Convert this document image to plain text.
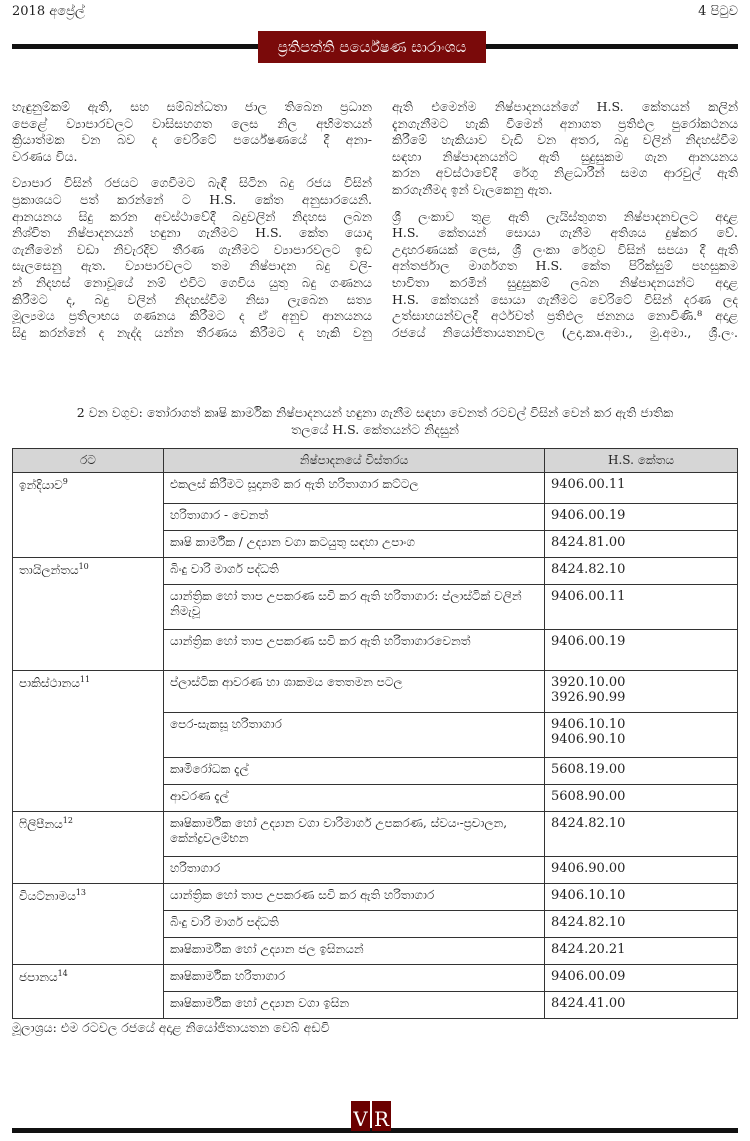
2018 අප්‍රේල්	4 පිටුව
ප්‍රතිපත්ති පර්යේෂණ සාරාංශය
හැඳුනුම්කම් ඇති, සහ සම්බන්ධතා ජාල තිබෙන ප්‍රධාන
පෙළේ ව්‍යාපාරවලට වාසිසහගත ලෙස නිල අභිමතයන්
ක්‍රියාත්මක වන බව ද වෙරිටේ පර්යේෂණයේ දී අනා-
වරණය විය.
ව්‍යාපාර විසින් රජයට ගෙවීමට බැඳී සිටින බදු රජය විසින්
ප්‍රකාශයට පත් කරන්නේ ට H.S. කේත අනුසාරයෙනි.
ආනයනය සිදු කරන අවස්ථාවේදී බදුවලින් නිදහස ලබන
නිශ්චිත නිෂ්පාදනයන් හඳුනා ගැනීමට H.S. කේත යොදා
ගැනීමෙන් වඩා නිවැරදිව තීරණ ගැනීමට ව්‍යාපාරවලට ඉඩ
සැලසෙනු ඇත. ව්‍යාපාරවලට තම නිෂ්පාදන බදු වලි-
න් නිදහස් නොවූයේ නම් එවිට ගෙවිය යුතු බදු ගණනය
කිරීමට ද, බදු වලින් නිදහස්වීම නිසා ලැබෙන සත්‍ය
මූල්‍යමය ප්‍රතිලාභය ගණනය කිරීමට ද ඒ අනුව ආනයනය
සිදු කරන්නේ ද නැද්ද යන්න තීරණය කිරීමට ද හැකි වනු
ඇති එමෙන්ම නිෂ්පාදනයන්ගේ H.S. කේතයන් කලින්
දැනගැනීමට හැකි වීමෙන් අනාගත ප්‍රතිඵල පුරෝකථනය
කිරීමේ හැකියාව වැඩි වන අතර, බදු වලින් නිදහස්වීම
සඳහා නිෂ්පාදනයන්ට ඇති සුදුසුකම ගැන ආනයනය
කරන අවස්ථාවේදී රේගු නිළධාරීන් සමග ආරවුල් ඇති
කරගැනීමද ඉන් වැලකෙනු ඇත.
ශ්‍රී ලංකාව තුළ ඇති ලැයිස්තුගත නිෂ්පාදනවලට අදාළ
H.S. කේතයන් සොයා ගැනීම අතිශය දුෂ්කර වේ.
උදාහරණයක් ලෙස, ශ්‍රී ලංකා රේගුව විසින් සපයා දී ඇති
අන්තර්ජාල මාර්ගගත H.S. කේත පිරික්සුම් පහසුකම
භාවිතා කරමින් සුදුසුකම් ලබන නිෂ්පාදනයන්ට අදාළ
H.S. කේතයන් සොයා ගැනීමට වෙරිටේ විසින් දරණ ලද
උත්සාහයන්වලදී අර්ථවත් ප්‍රතිඵල ජනනය නොවිණි.⁸ අදාළ
රජයේ නියෝජිතායතනවල (උදා.කෘ.අමා., මු.අමා., ශ්‍රී.ලං.
2 වන වගුව: තෝරාගත් කෘෂි කාර්මික නිෂ්පාදනයන් හඳුනා ගැනීම සඳහා වෙනත් රටවල් විසින් වෙන් කර ඇති ජාතික
තලයේ H.S. කේතයන්ට නිදසුන්
රට	නිෂ්පාදනයේ විස්තරය	H.S. කේතය
ඉන්දියාව$^9$	එකලස් කිරීමට සූදානම් කර ඇති හරිතාගාර කට්ටල	9406.00.11

	හරිතාගාර - වෙනත්	9406.00.19

	කෘෂි කාර්මික / උද්‍යාන වගා කටයුතු සඳහා උපාංග	8424.81.00

තායිලන්තය$^{10}$	බිංදු වාරි මාර්ග පද්ධති	8424.82.10

	යාන්ත්‍රික හෝ තාප උපකරණ සවි කර ඇති හරිතාගාර: ප්ලාස්ටික් වලින් නිමැවූ	9406.00.11

	යාන්ත්‍රික හෝ තාප උපකරණ සවි කර ඇති හරිතාගාරවෙනත්	9406.00.19

පාකිස්ථානය$^{11}$	ප්ලාස්ටික ආවරණ හා ශාකමය තෙතමන පටල	3920.10.00
3926.90.99

	පෙර-සැකසූ හරිතාගාර	9406.10.10
9406.90.10

	කෘමිරෝධක දැල්	5608.19.00

	ආවරණ දැල්	5608.90.00

ෆිලිපීනය$^{12}$	කෘෂිකාර්මික හෝ උද්‍යාන වගා වාරිමාර්ග උපකරණ, ස්වයං-ප්‍රචාලන, කේන්ද්‍රවලම්භන	8424.82.10

	හරිතාගාර	9406.90.00

වියට්නාමය$^{13}$	යාන්ත්‍රික හෝ තාප උපකරණ සවි කර ඇති හරිතාගාර	9406.10.10

	බිංදු වාරි මාර්ග පද්ධති	8424.82.10

	කෘෂිකාර්මික හෝ උද්‍යාන ජල ඉසිනයන්	8424.20.21

ජපානය$^{14}$	කෘෂිකාර්මික හරිතාගාර	9406.00.09

	කෘෂිකාර්මික හෝ උද්‍යාන වගා ඉසින	8424.41.00
මූලාශ්‍රය: එම රටවල රජයේ අදාළ නියෝජිතායතන වෙබ් අඩවි
V R
